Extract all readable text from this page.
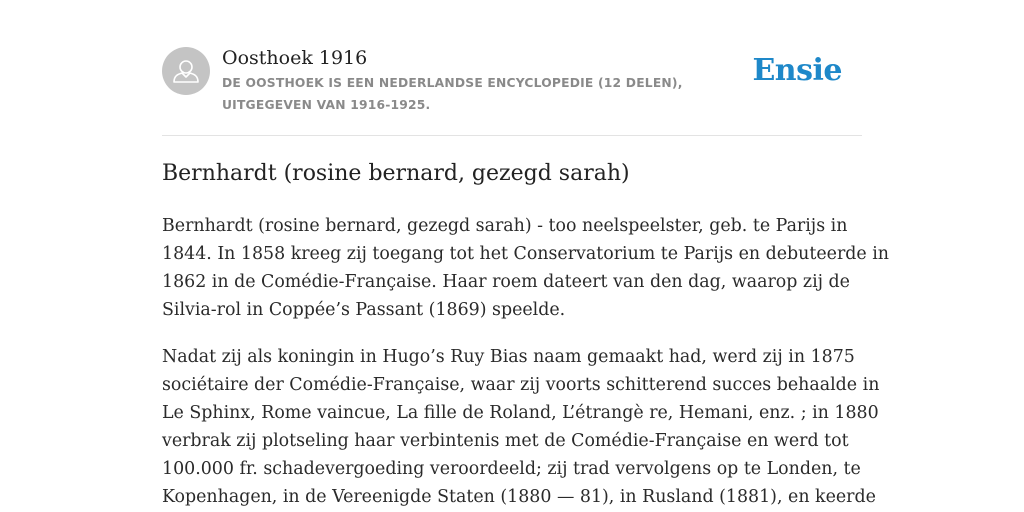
Oosthoek 1916
DE OOSTHOEK IS EEN NEDERLANDSE ENCYCLOPEDIE (12 DELEN), UITGEGEVEN VAN 1916-1925.
Ensie
Bernhardt (rosine bernard, gezegd sarah)

Bernhardt (rosine bernard, gezegd sarah) - too neelspeelster, geb. te Parijs in
1844. In 1858 kreeg zij toegang tot het Conservatorium te Parijs en debuteerde in
1862 in de Comédie-Française. Haar roem dateert van den dag, waarop zij de
Silvia-rol in Coppée’s Passant (1869) speelde.

Nadat zij als koningin in Hugo’s Ruy Bias naam gemaakt had, werd zij in 1875
sociétaire der Comédie-Française, waar zij voorts schitterend succes behaalde in
Le Sphinx, Rome vaincue, La fille de Roland, L’étrangè re, Hemani, enz. ; in 1880
verbrak zij plotseling haar verbintenis met de Comédie-Française en werd tot
100.000 fr. schadevergoeding veroordeeld; zij trad vervolgens op te Londen, te
Kopenhagen, in de Vereenigde Staten (1880 — 81), in Rusland (1881), en keerde
